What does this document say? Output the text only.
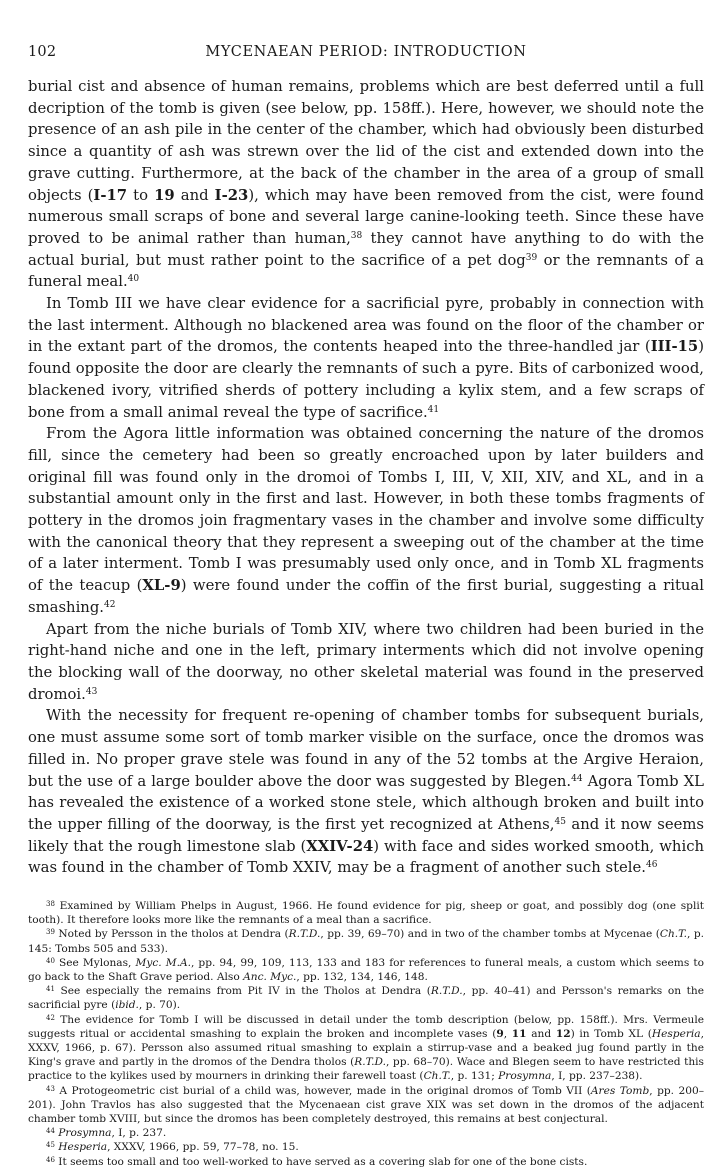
102	MYCENAEAN PERIOD: INTRODUCTION

burial cist and absence of human remains, problems which are best deferred until a full decription of the tomb is given (see below, pp. 158ff.). Here, however, we should note the presence of an ash pile in the center of the chamber, which had obviously been disturbed since a quantity of ash was strewn over the lid of the cist and extended down into the grave cutting. Furthermore, at the back of the chamber in the area of a group of small objects (I-17 to 19 and I-23), which may have been removed from the cist, were found numerous small scraps of bone and several large canine-looking teeth. Since these have proved to be animal rather than human,$^{38}$ they cannot have anything to do with the actual burial, but must rather point to the sacrifice of a pet dog$^{39}$ or the remnants of a funeral meal.$^{40}$

In Tomb III we have clear evidence for a sacrificial pyre, probably in connection with the last interment. Although no blackened area was found on the floor of the chamber or in the extant part of the dromos, the contents heaped into the three-handled jar (III-15) found opposite the door are clearly the remnants of such a pyre. Bits of carbonized wood, blackened ivory, vitrified sherds of pottery including a kylix stem, and a few scraps of bone from a small animal reveal the type of sacrifice.$^{41}$

From the Agora little information was obtained concerning the nature of the dromos fill, since the cemetery had been so greatly encroached upon by later builders and original fill was found only in the dromoi of Tombs I, III, V, XII, XIV, and XL, and in a substantial amount only in the first and last. However, in both these tombs fragments of pottery in the dromos join fragmentary vases in the chamber and involve some difficulty with the canonical theory that they represent a sweeping out of the chamber at the time of a later interment. Tomb I was presumably used only once, and in Tomb XL fragments of the teacup (XL-9) were found under the coffin of the first burial, suggesting a ritual smashing.$^{42}$

Apart from the niche burials of Tomb XIV, where two children had been buried in the right-hand niche and one in the left, primary interments which did not involve opening the blocking wall of the doorway, no other skeletal material was found in the preserved dromoi.$^{43}$

With the necessity for frequent re-opening of chamber tombs for subsequent burials, one must assume some sort of tomb marker visible on the surface, once the dromos was filled in. No proper grave stele was found in any of the 52 tombs at the Argive Heraion, but the use of a large boulder above the door was suggested by Blegen.$^{44}$ Agora Tomb XL has revealed the existence of a worked stone stele, which although broken and built into the upper filling of the doorway, is the first yet recognized at Athens,$^{45}$ and it now seems likely that the rough limestone slab (XXIV-24) with face and sides worked smooth, which was found in the chamber of Tomb XXIV, may be a fragment of another such stele.$^{46}$

$^{38}$ Examined by William Phelps in August, 1966. He found evidence for pig, sheep or goat, and possibly dog (one split tooth). It therefore looks more like the remnants of a meal than a sacrifice.

$^{39}$ Noted by Persson in the tholos at Dendra (R.T.D., pp. 39, 69–70) and in two of the chamber tombs at Mycenae (Ch.T., p. 145: Tombs 505 and 533).

$^{40}$ See Mylonas, Myc. M.A., pp. 94, 99, 109, 113, 133 and 183 for references to funeral meals, a custom which seems to go back to the Shaft Grave period. Also Anc. Myc., pp. 132, 134, 146, 148.

$^{41}$ See especially the remains from Pit IV in the Tholos at Dendra (R.T.D., pp. 40–41) and Persson's remarks on the sacrificial pyre (ibid., p. 70).

$^{42}$ The evidence for Tomb I will be discussed in detail under the tomb description (below, pp. 158ff.). Mrs. Vermeule suggests ritual or accidental smashing to explain the broken and incomplete vases (9, 11 and 12) in Tomb XL (Hesperia, XXXV, 1966, p. 67). Persson also assumed ritual smashing to explain a stirrup-vase and a beaked jug found partly in the King's grave and partly in the dromos of the Dendra tholos (R.T.D., pp. 68–70). Wace and Blegen seem to have restricted this practice to the kylikes used by mourners in drinking their farewell toast (Ch.T., p. 131; Prosymna, I, pp. 237–238).

$^{43}$ A Protogeometric cist burial of a child was, however, made in the original dromos of Tomb VII (Ares Tomb, pp. 200–201). John Travlos has also suggested that the Mycenaean cist grave XIX was set down in the dromos of the adjacent chamber tomb XVIII, but since the dromos has been completely destroyed, this remains at best conjectural.

$^{44}$ Prosymna, I, p. 237.

$^{45}$ Hesperia, XXXV, 1966, pp. 59, 77–78, no. 15.

$^{46}$ It seems too small and too well-worked to have served as a covering slab for one of the bone cists.
